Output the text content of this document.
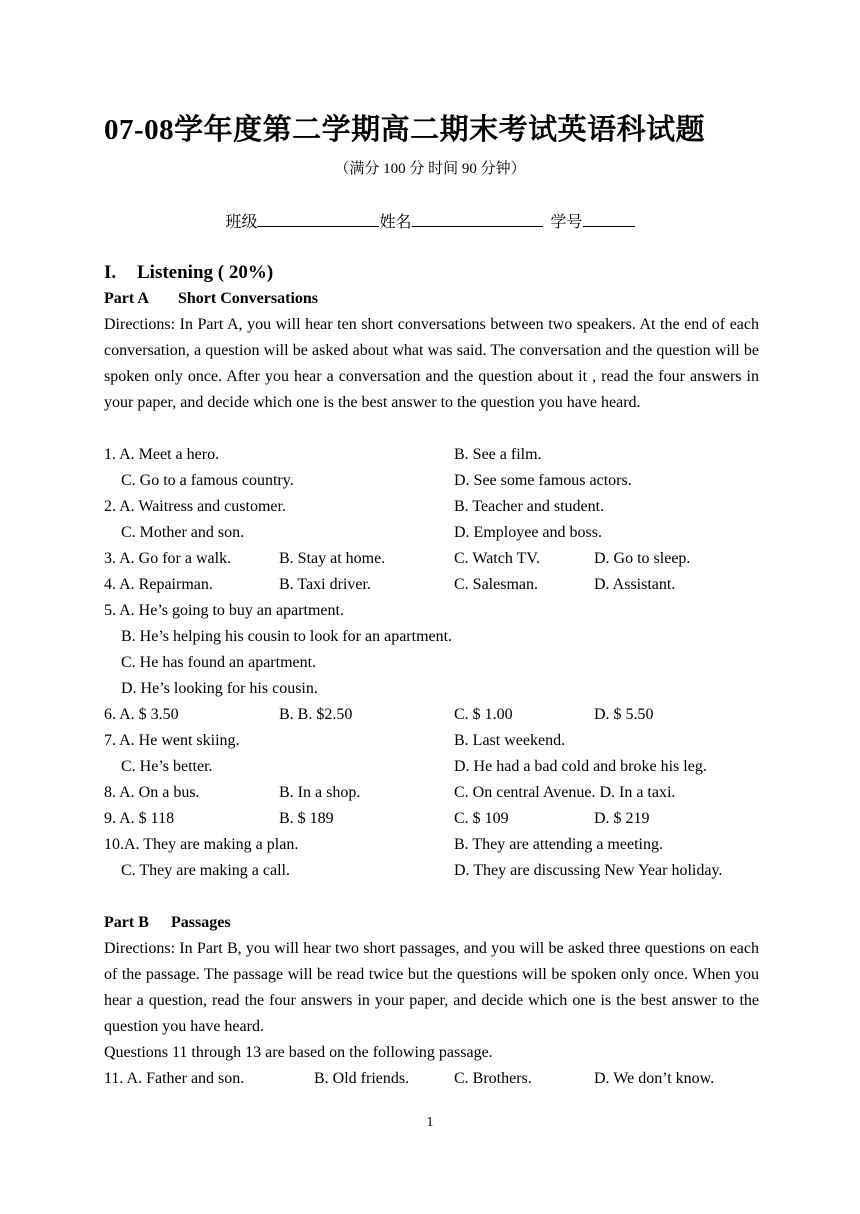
07-08学年度第二学期高二期末考试英语科试题
（满分 100 分 时间 90 分钟）
班级	姓名	学号
I. Listening ( 20%)
Part A Short Conversations
Directions: In Part A, you will hear ten short conversations between two speakers. At the end of each conversation, a question will be asked about what was said. The conversation and the question will be spoken only once. After you hear a conversation and the question about it , read the four answers in your paper, and decide which one is the best answer to the question you have heard.
1. A. Meet a hero.	B. See a film.
C. Go to a famous country.	D. See some famous actors.
2. A. Waitress and customer.	B. Teacher and student.
C. Mother and son.	D. Employee and boss.
3. A. Go for a walk.	B. Stay at home.	C. Watch TV.	D. Go to sleep.
4. A. Repairman.	B. Taxi driver.	C. Salesman.	D. Assistant.
5. A. He’s going to buy an apartment.
B. He’s helping his cousin to look for an apartment.
C. He has found an apartment.
D. He’s looking for his cousin.
6. A. $ 3.50	B. B. $2.50	C. $ 1.00	D. $ 5.50
7. A. He went skiing.	B. Last weekend.
C. He’s better.	D. He had a bad cold and broke his leg.
8. A. On a bus.	B. In a shop.	C. On central Avenue. D. In a taxi.
9. A. $ 118	B. $ 189	C. $ 109	D. $ 219
10.A. They are making a plan.	B. They are attending a meeting.
C. They are making a call.	D. They are discussing New Year holiday.
Part B Passages
Directions: In Part B, you will hear two short passages, and you will be asked three questions on each of the passage. The passage will be read twice but the questions will be spoken only once. When you hear a question, read the four answers in your paper, and decide which one is the best answer to the question you have heard.
Questions 11 through 13 are based on the following passage.
11. A. Father and son.	B. Old friends.	C. Brothers.	D. We don’t know.
1
